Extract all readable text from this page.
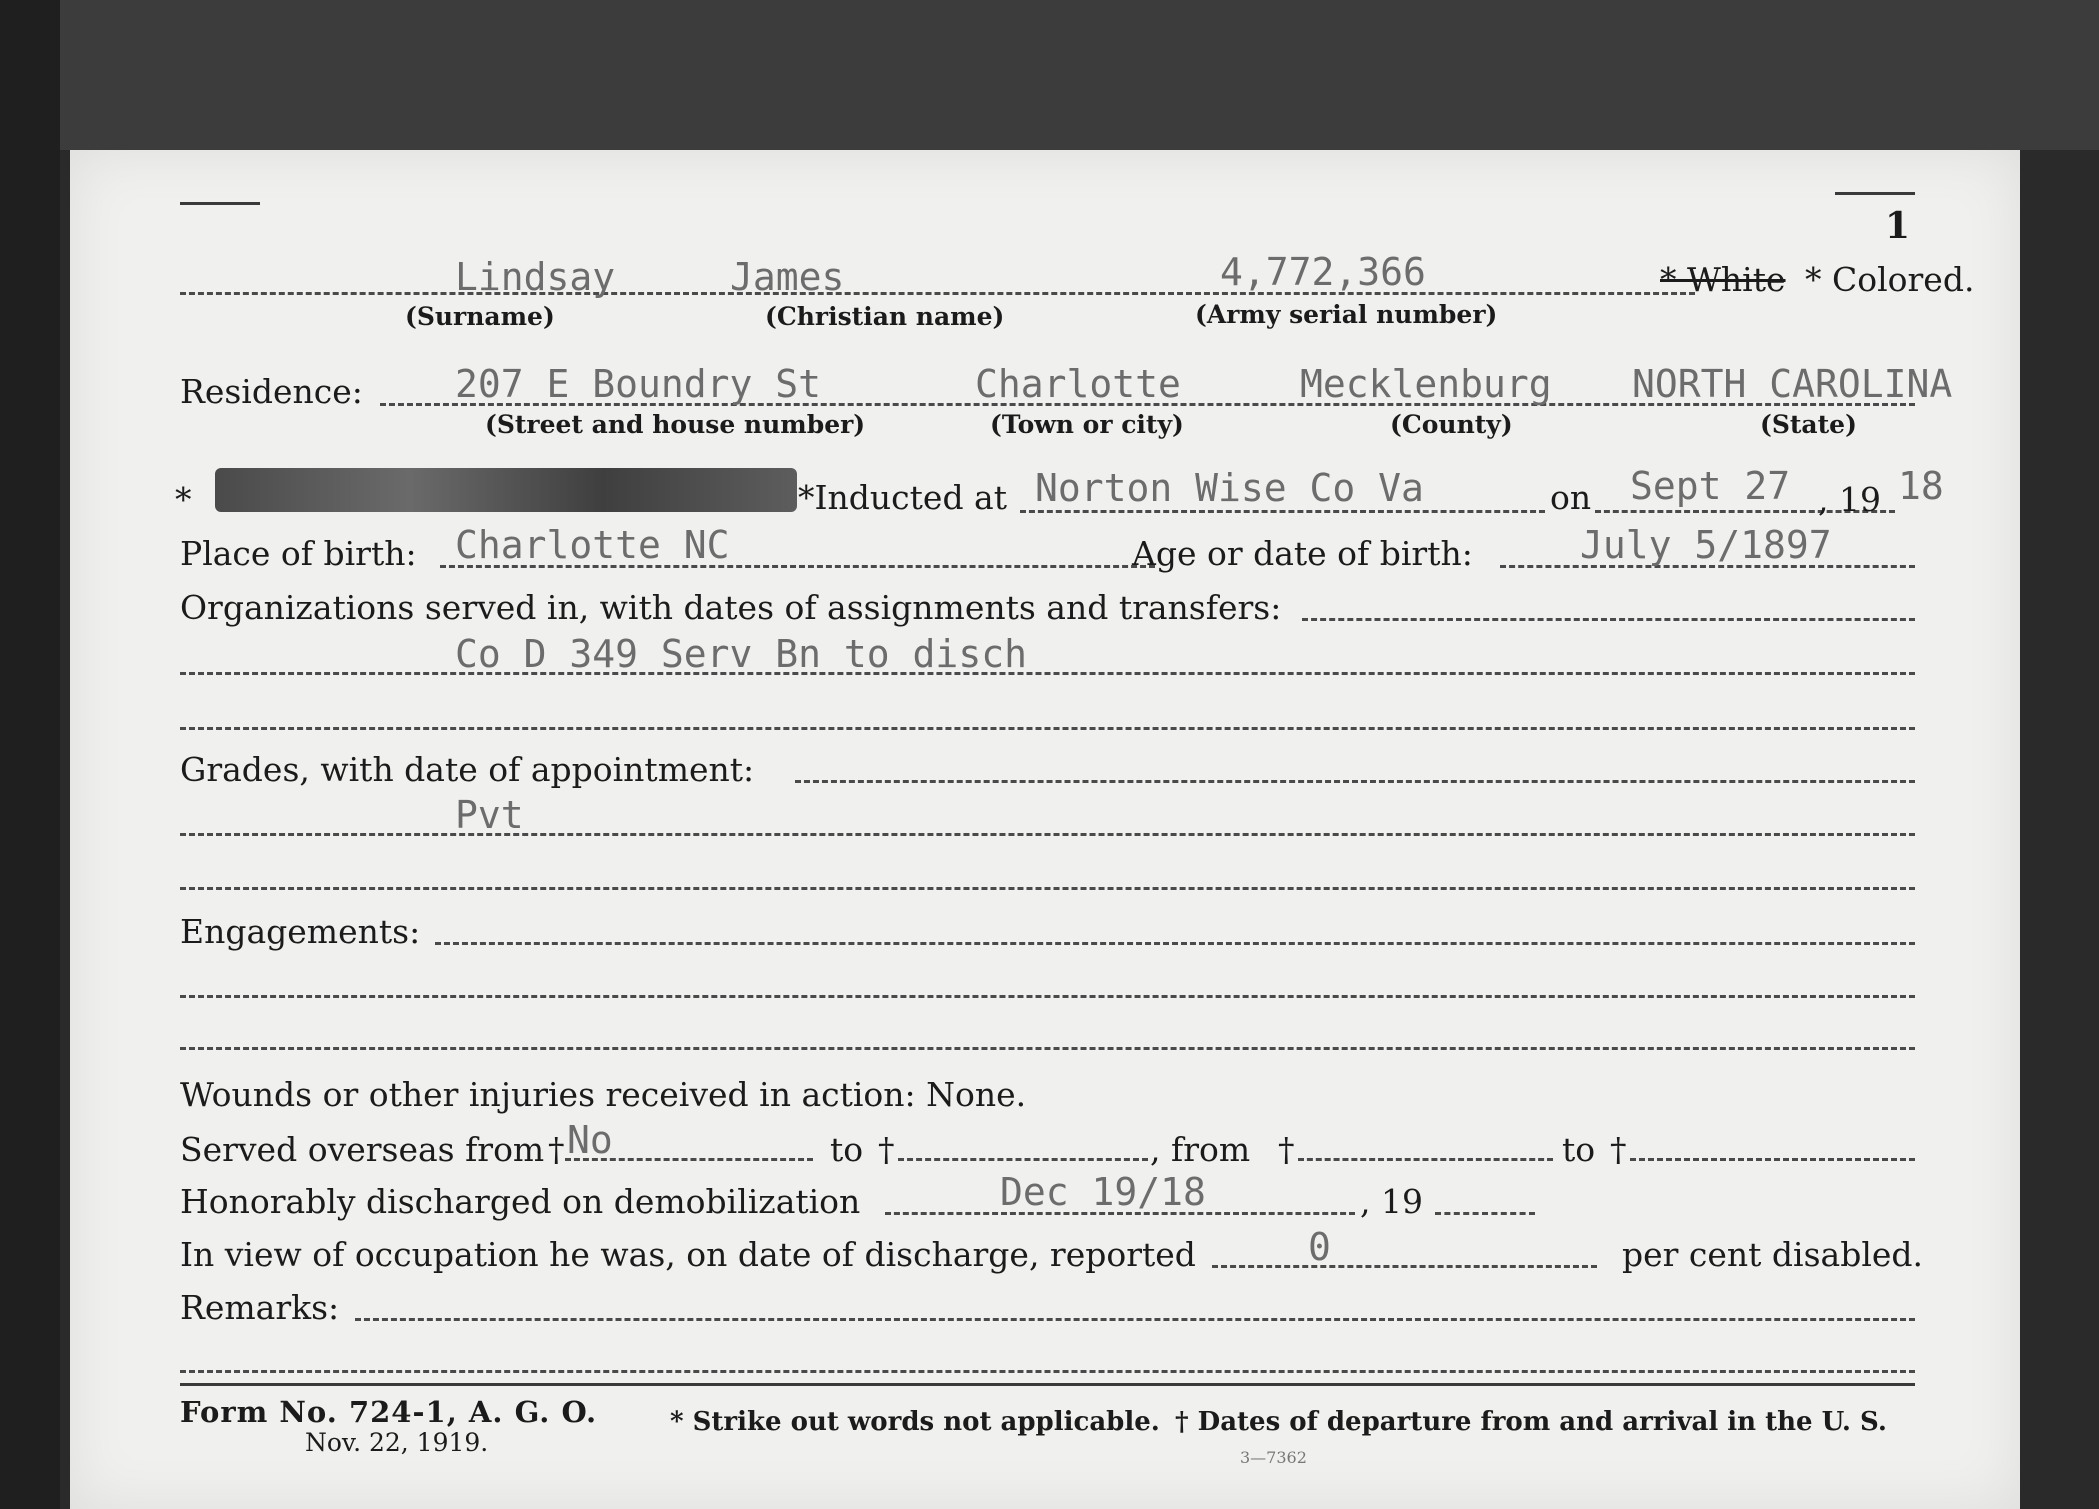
1
Lindsay	James	4,772,366	* White * Colored.
(Surname)	(Christian name)	(Army serial number)
Residence: 207 E Boundry St	Charlotte	Mecklenburg NORTH CAROLINA
(Street and house number)	(Town or city)	(County)	(State)
*	*Inducted at Norton Wise Co Va	on Sept 27 , 19 18
Place of birth: Charlotte NC	Age or date of birth:	July 5/1897
Organizations served in, with dates of assignments and transfers:
Co D 349 Serv Bn to disch
Grades, with date of appointment:
Pvt
Engagements:
Wounds or other injuries received in action: None.
Served overseas from † No	to †	, from †	to †
Honorably discharged on demobilization	Dec 19/18	, 19
In view of occupation he was, on date of discharge, reported	0	per cent disabled.
Remarks:
Form No. 724-1, A. G. O.
Nov. 22, 1919.
* Strike out words not applicable. † Dates of departure from and arrival in the U. S.
3—7362
